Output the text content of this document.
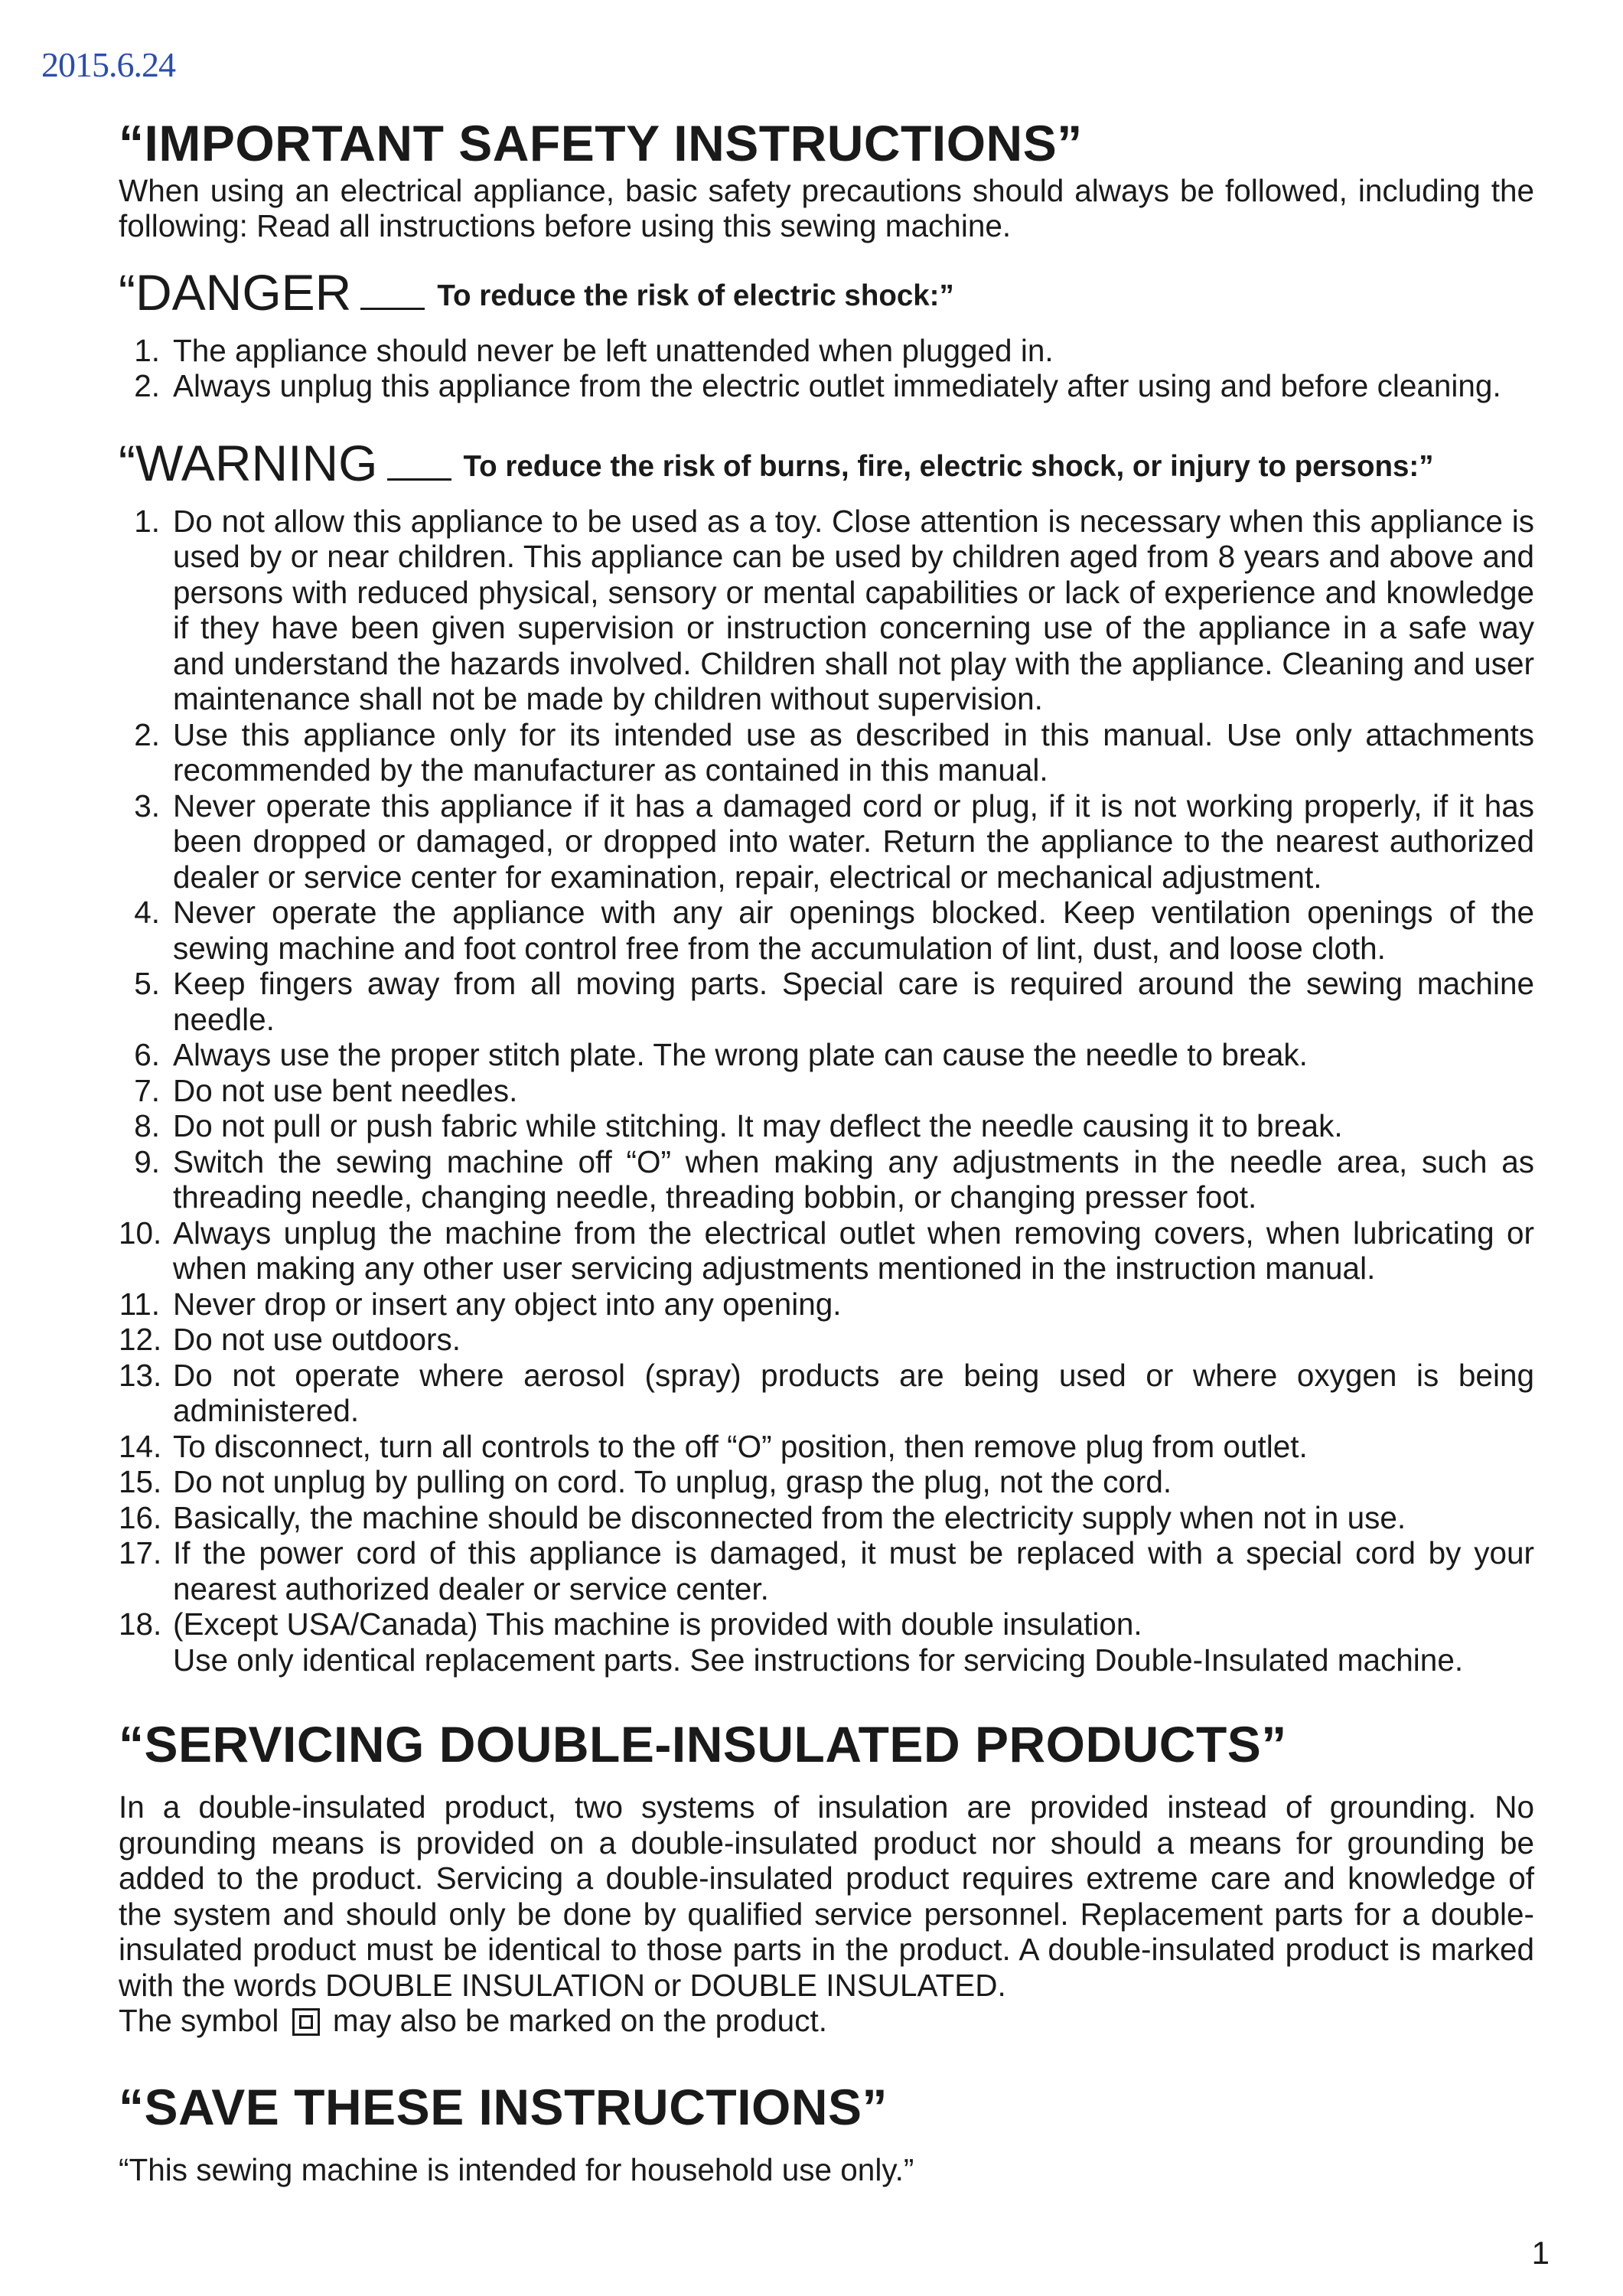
2015.6.24
“IMPORTANT SAFETY INSTRUCTIONS”

When using an electrical appliance, basic safety precautions should always be followed, including the following: Read all instructions before using this sewing machine.

“DANGER	To reduce the risk of electric shock:”
1. The appliance should never be left unattended when plugged in.
2. Always unplug this appliance from the electric outlet immediately after using and before cleaning.
“WARNING	To reduce the risk of burns, fire, electric shock, or injury to persons:”
1. Do not allow this appliance to be used as a toy. Close attention is necessary when this appliance is used by or near children. This appliance can be used by children aged from 8 years and above and persons with reduced physical, sensory or mental capabilities or lack of experience and knowledge if they have been given supervision or instruction concerning use of the appliance in a safe way and understand the hazards involved. Children shall not play with the appliance. Cleaning and user maintenance shall not be made by children without supervision.
2. Use this appliance only for its intended use as described in this manual. Use only attachments recommended by the manufacturer as contained in this manual.
3. Never operate this appliance if it has a damaged cord or plug, if it is not working properly, if it has been dropped or damaged, or dropped into water. Return the appliance to the nearest authorized dealer or service center for examination, repair, electrical or mechanical adjustment.
4. Never operate the appliance with any air openings blocked. Keep ventilation openings of the sewing machine and foot control free from the accumulation of lint, dust, and loose cloth.
5. Keep fingers away from all moving parts. Special care is required around the sewing machine needle.
6. Always use the proper stitch plate. The wrong plate can cause the needle to break.
7. Do not use bent needles.
8. Do not pull or push fabric while stitching. It may deflect the needle causing it to break.
9. Switch the sewing machine off “O” when making any adjustments in the needle area, such as threading needle, changing needle, threading bobbin, or changing presser foot.
10. Always unplug the machine from the electrical outlet when removing covers, when lubricating or when making any other user servicing adjustments mentioned in the instruction manual.
11. Never drop or insert any object into any opening.
12. Do not use outdoors.
13. Do not operate where aerosol (spray) products are being used or where oxygen is being administered.
14. To disconnect, turn all controls to the off “O” position, then remove plug from outlet.
15. Do not unplug by pulling on cord. To unplug, grasp the plug, not the cord.
16. Basically, the machine should be disconnected from the electricity supply when not in use.
17. If the power cord of this appliance is damaged, it must be replaced with a special cord by your nearest authorized dealer or service center.
18. (Except USA/Canada) This machine is provided with double insulation.
Use only identical replacement parts. See instructions for servicing Double-Insulated machine.
“SERVICING DOUBLE-INSULATED PRODUCTS”

In a double-insulated product, two systems of insulation are provided instead of grounding. No grounding means is provided on a double-insulated product nor should a means for grounding be added to the product. Servicing a double-insulated product requires extreme care and knowledge of the system and should only be done by qualified service personnel. Replacement parts for a double-insulated product must be identical to those parts in the product. A double-insulated product is marked with the words DOUBLE INSULATION or DOUBLE INSULATED.

The symbol may also be marked on the product.

“SAVE THESE INSTRUCTIONS”

“This sewing machine is intended for household use only.”

1
